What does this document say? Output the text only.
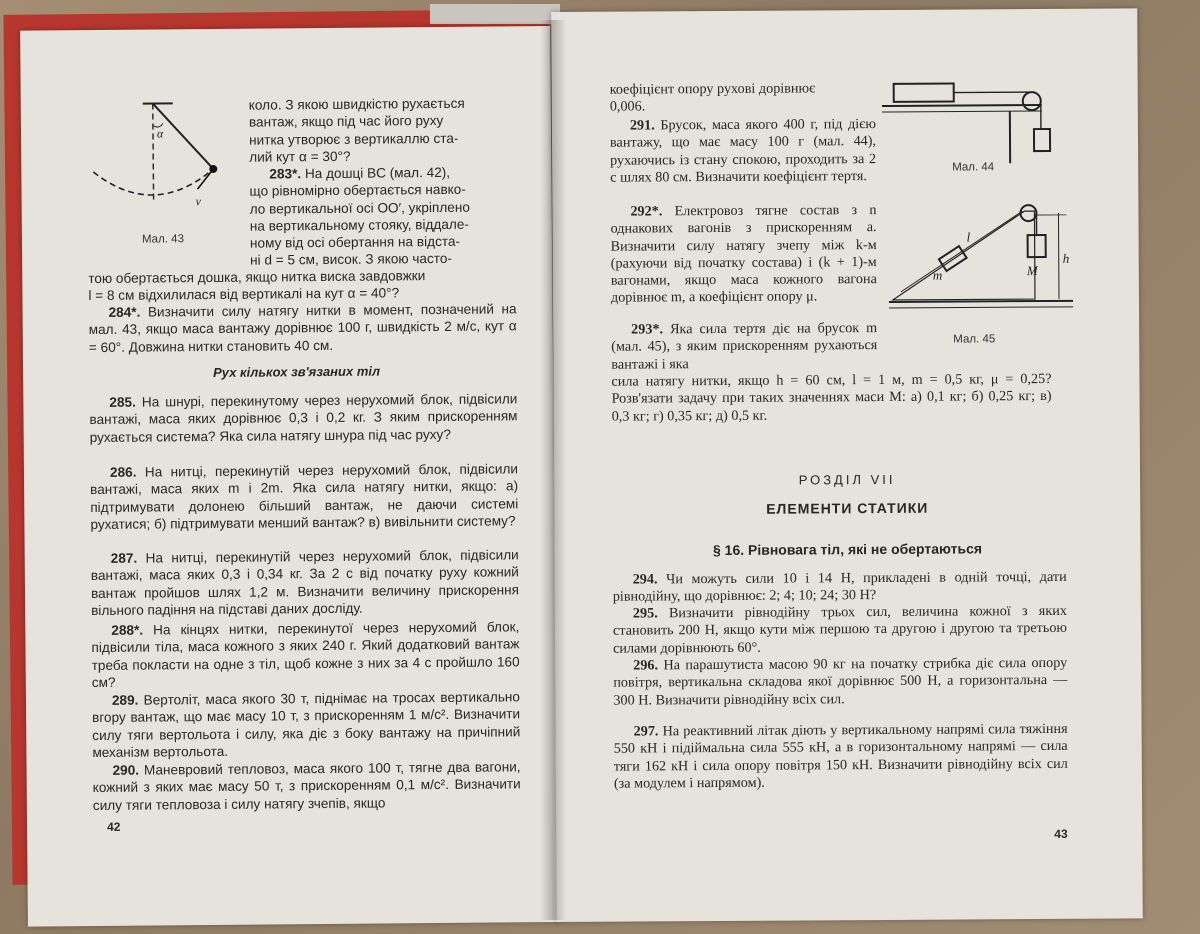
α
v
Мал. 43

коло. З якою швидкістю рухається

вантаж, якщо під час його руху

нитка утворює з вертикаллю ста-

лий кут α = 30°?

283*. На дошці BC (мал. 42),

що рівномірно обертається навко-

ло вертикальної осі OO′, укріплено

на вертикальному стояку, віддале-

ному від осі обертання на відста-

ні d = 5 см, висок. З якою часто-

тою обертається дошка, якщо нитка виска завдовжки

l = 8 см відхилилася від вертикалі на кут α = 40°?

284*. Визначити силу натягу нитки в момент, позначений на мал. 43, якщо маса вантажу дорівнює 100 г, швидкість 2 м/с, кут α = 60°. Довжина нитки становить 40 см.
Рух кількох зв'язаних тіл
285. На шнурі, перекинутому через нерухомий блок, підвісили вантажі, маса яких дорівнює 0,3 і 0,2 кг. З яким прискоренням рухається система? Яка сила натягу шнура під час руху?
286. На нитці, перекинутій через нерухомий блок, підвісили вантажі, маса яких m і 2m. Яка сила натягу нитки, якщо: а) підтримувати долонею більший вантаж, не даючи системі рухатися; б) підтримувати менший вантаж? в) вивільнити систему?
287. На нитці, перекинутій через нерухомий блок, підвісили вантажі, маса яких 0,3 і 0,34 кг. За 2 с від початку руху кожний вантаж пройшов шлях 1,2 м. Визначити величину прискорення вільного падіння на підставі даних досліду.
288*. На кінцях нитки, перекинутої через нерухомий блок, підвісили тіла, маса кожного з яких 240 г. Який додатковий вантаж треба покласти на одне з тіл, щоб кожне з них за 4 с пройшло 160 см?
289. Вертоліт, маса якого 30 т, піднімає на тросах вертикально вгору вантаж, що має масу 10 т, з прискоренням 1 м/с². Визначити силу тяги вертольота і силу, яка діє з боку вантажу на причіпний механізм вертольота.
290. Маневровий тепловоз, маса якого 100 т, тягне два вагони, кожний з яких має масу 50 т, з прискоренням 0,1 м/с². Визначити силу тяги тепловоза і силу натягу зчепів, якщо
42

коефіцієнт опору рухові дорівнює

0,006.

291. Брусок, маса якого 400 г, під дією вантажу, що має масу 100 г (мал. 44), рухаючись із стану спокою, проходить за 2 с шлях 80 см. Визначити коефіцієнт тертя.
Мал. 44
292*. Електровоз тягне состав з n однакових вагонів з прискоренням a. Визначити силу натягу зчепу між k-м (рахуючи від початку состава) і (k + 1)-м вагонами, якщо маса кожного вагона дорівнює m, а коефіцієнт опору μ.
l
m	M
h
Мал. 45
293*. Яка сила тертя діє на брусок m (мал. 45), з яким прискоренням рухаються вантажі і яка
сила натягу нитки, якщо h = 60 см, l = 1 м, m = 0,5 кг, μ = 0,25? Розв'язати задачу при таких значеннях маси M: а) 0,1 кг; б) 0,25 кг; в) 0,3 кг; г) 0,35 кг; д) 0,5 кг.
РОЗДІЛ VII
ЕЛЕМЕНТИ СТАТИКИ
§ 16. Рівновага тіл, які не обертаються
294. Чи можуть сили 10 і 14 Н, прикладені в одній точці, дати рівнодійну, що дорівнює: 2; 4; 10; 24; 30 Н?
295. Визначити рівнодійну трьох сил, величина кожної з яких становить 200 Н, якщо кути між першою та другою і другою та третьою силами дорівнюють 60°.
296. На парашутиста масою 90 кг на початку стрибка діє сила опору повітря, вертикальна складова якої дорівнює 500 Н, а горизонтальна — 300 Н. Визначити рівнодійну всіх сил.
297. На реактивний літак діють у вертикальному напрямі сила тяжіння 550 кН і підіймальна сила 555 кН, а в горизонтальному напрямі — сила тяги 162 кН і сила опору повітря 150 кН. Визначити рівнодійну всіх сил (за модулем і напрямом).
43
